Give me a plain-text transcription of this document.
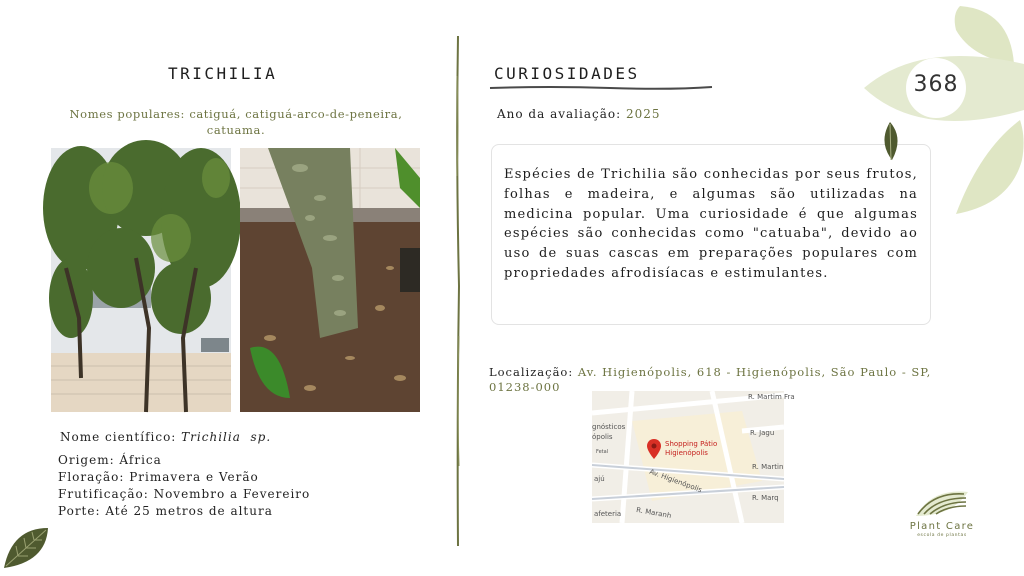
TRICHILIA
Nomes populares: catiguá, catiguá-arco-de-peneira, catuama.
Nome científico: Trichilia sp.
Origem: África
Floração: Primavera e Verão
Frutificação: Novembro a Fevereiro
Porte: Até 25 metros de altura
CURIOSIDADES
Ano da avaliação: 2025

Espécies de Trichilia são conhecidas por seus frutos, folhas e madeira, e algumas são utilizadas na medicina popular. Uma curiosidade é que algumas espécies são conhecidas como "catuaba", devido ao uso de suas cascas em preparações populares com propriedades afrodisíacas e estimulantes.

Localização: Av. Higienópolis, 618 - Higienópolis, São Paulo - SP, 01238-000
R. Martim Fra
gnósticos
ópolis
Fetal
R. Jagu
R. Martin
ajú	Av. Higienópolis
R. Marq
afeteria R. Maranh
Shopping Pátio
Higienópolis
368
Plant Care
escola de plantas
